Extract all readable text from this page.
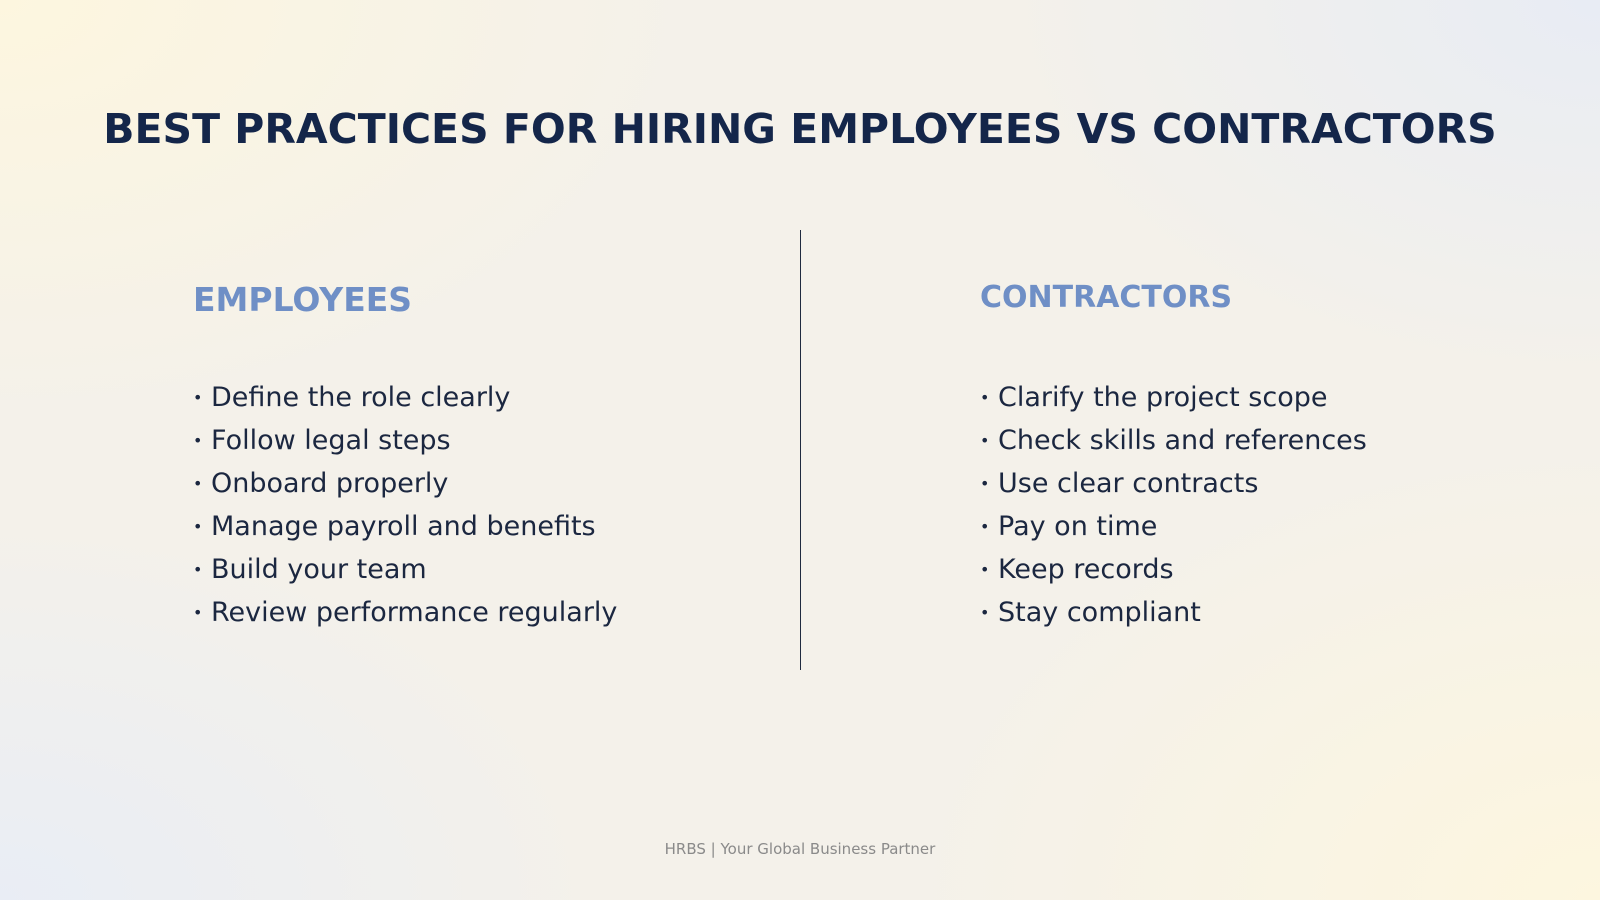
BEST PRACTICES FOR HIRING EMPLOYEES VS CONTRACTORS
EMPLOYEES
• Define the role clearly
• Follow legal steps
• Onboard properly
• Manage payroll and benefits
• Build your team
• Review performance regularly
CONTRACTORS
• Clarify the project scope
• Check skills and references
• Use clear contracts
• Pay on time
• Keep records
• Stay compliant
HRBS | Your Global Business Partner
